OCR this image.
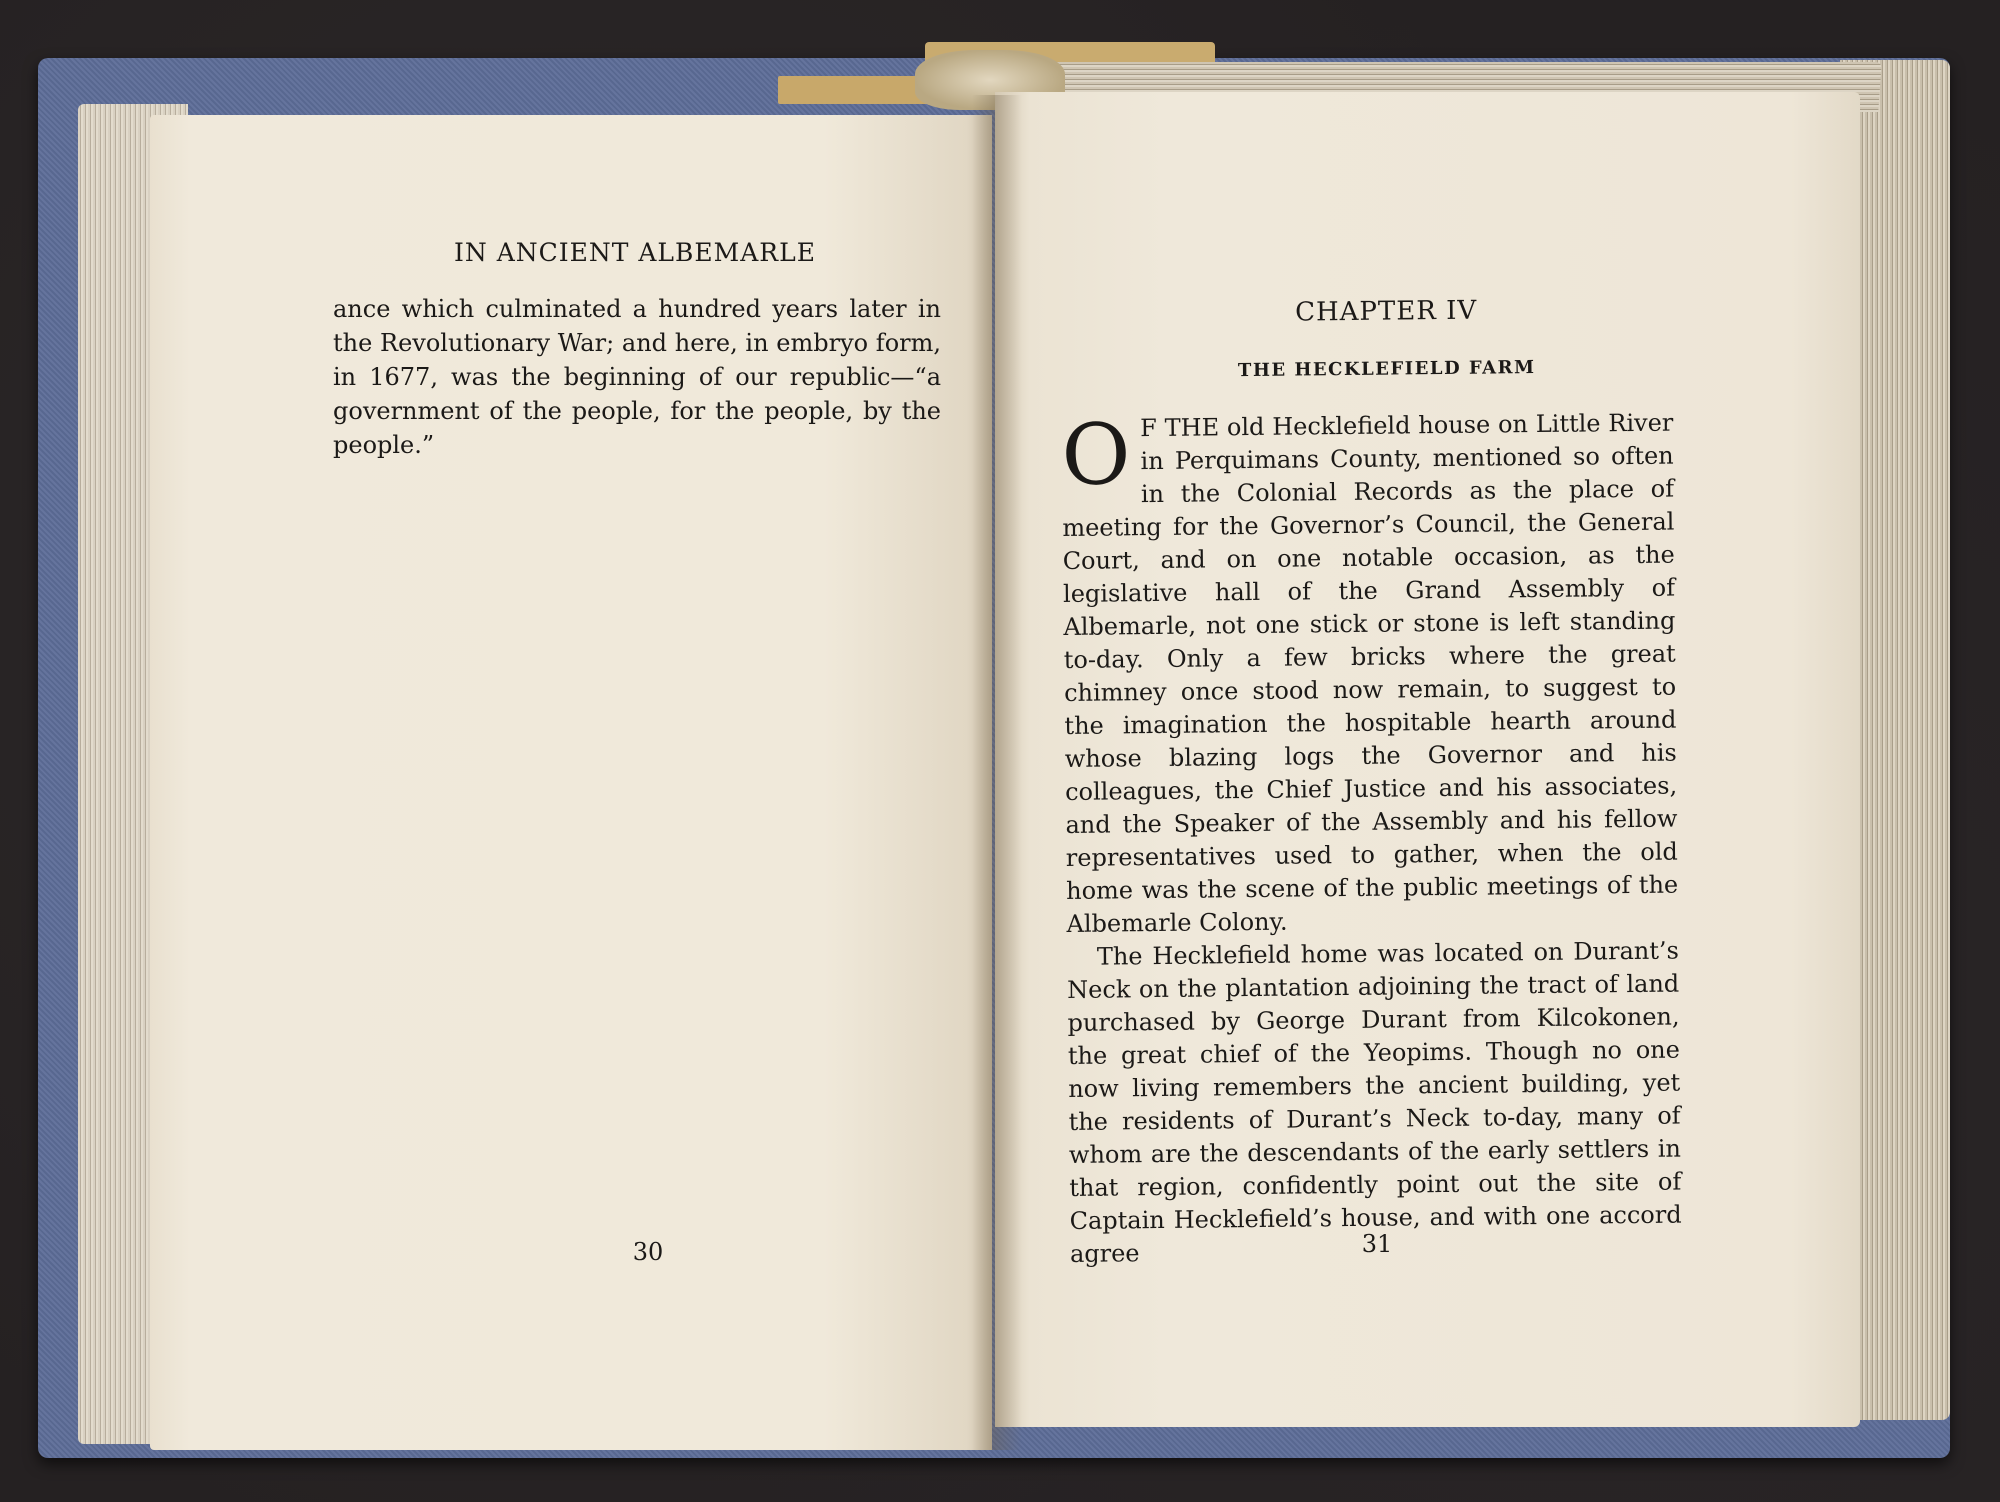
IN ANCIENT ALBEMARLE

ance which culminated a hundred years later in the Revolutionary War; and here, in embryo form, in 1677, was the beginning of our republic—“a government of the people, for the people, by the people.”

30
CHAPTER IV
THE HECKLEFIELD FARM

O F THE old Heckleﬁeld house on Little River in Perquimans County, mentioned so often in the Colonial Records as the place of meeting for the Governor’s Council, the General Court, and on one notable occasion, as the legislative hall of the Grand Assembly of Albemarle, not one stick or stone is left standing to-day. Only a few bricks where the great chimney once stood now remain, to suggest to the imagination the hospitable hearth around whose blazing logs the Governor and his colleagues, the Chief Justice and his associates, and the Speaker of the Assembly and his fellow representatives used to gather, when the old home was the scene of the public meetings of the Albemarle Colony.

The Hecklefield home was located on Durant’s Neck on the plantation adjoining the tract of land purchased by George Durant from Kilcokonen, the great chief of the Yeopims. Though no one now living remembers the ancient building, yet the residents of Durant’s Neck to-day, many of whom are the descendants of the early settlers in that region, conﬁdently point out the site of Captain Hecklefield’s house, and with one accord agree	31
